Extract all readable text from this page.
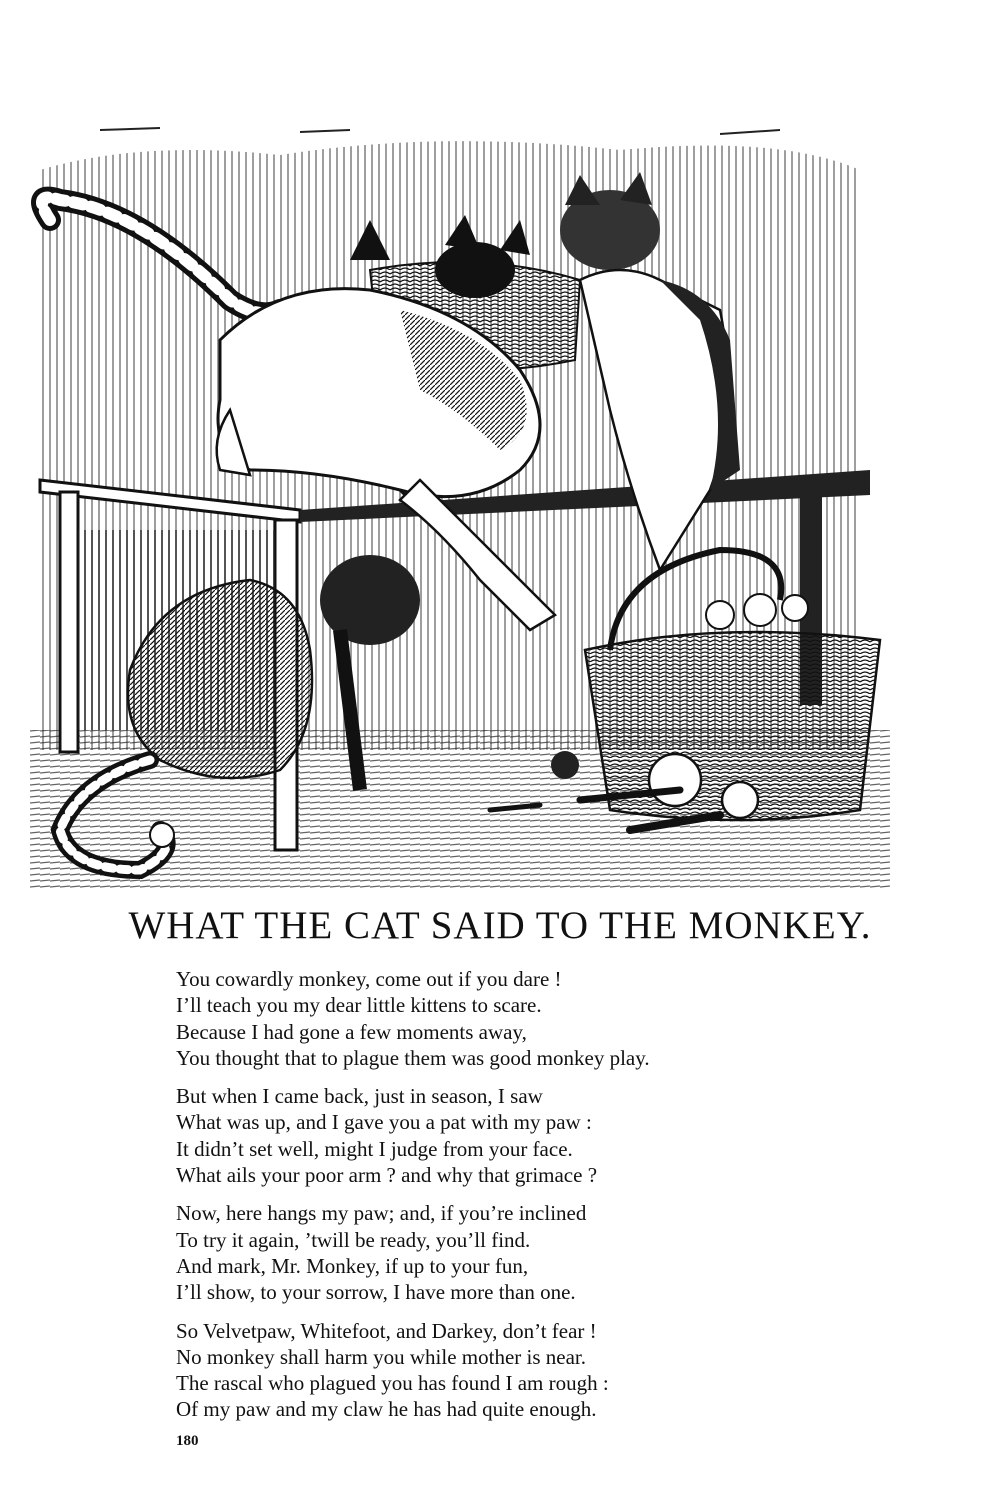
WHAT THE CAT SAID TO THE MONKEY.
You cowardly monkey, come out if you dare !
I’ll teach you my dear little kittens to scare.
Because I had gone a few moments away,
You thought that to plague them was good monkey play.
But when I came back, just in season, I saw
What was up, and I gave you a pat with my paw :
It didn’t set well, might I judge from your face.
What ails your poor arm ? and why that grimace ?
Now, here hangs my paw; and, if you’re inclined
To try it again, ’twill be ready, you’ll find.
And mark, Mr. Monkey, if up to your fun,
I’ll show, to your sorrow, I have more than one.
So Velvetpaw, Whitefoot, and Darkey, don’t fear !
No monkey shall harm you while mother is near.
The rascal who plagued you has found I am rough :
Of my paw and my claw he has had quite enough.
180
